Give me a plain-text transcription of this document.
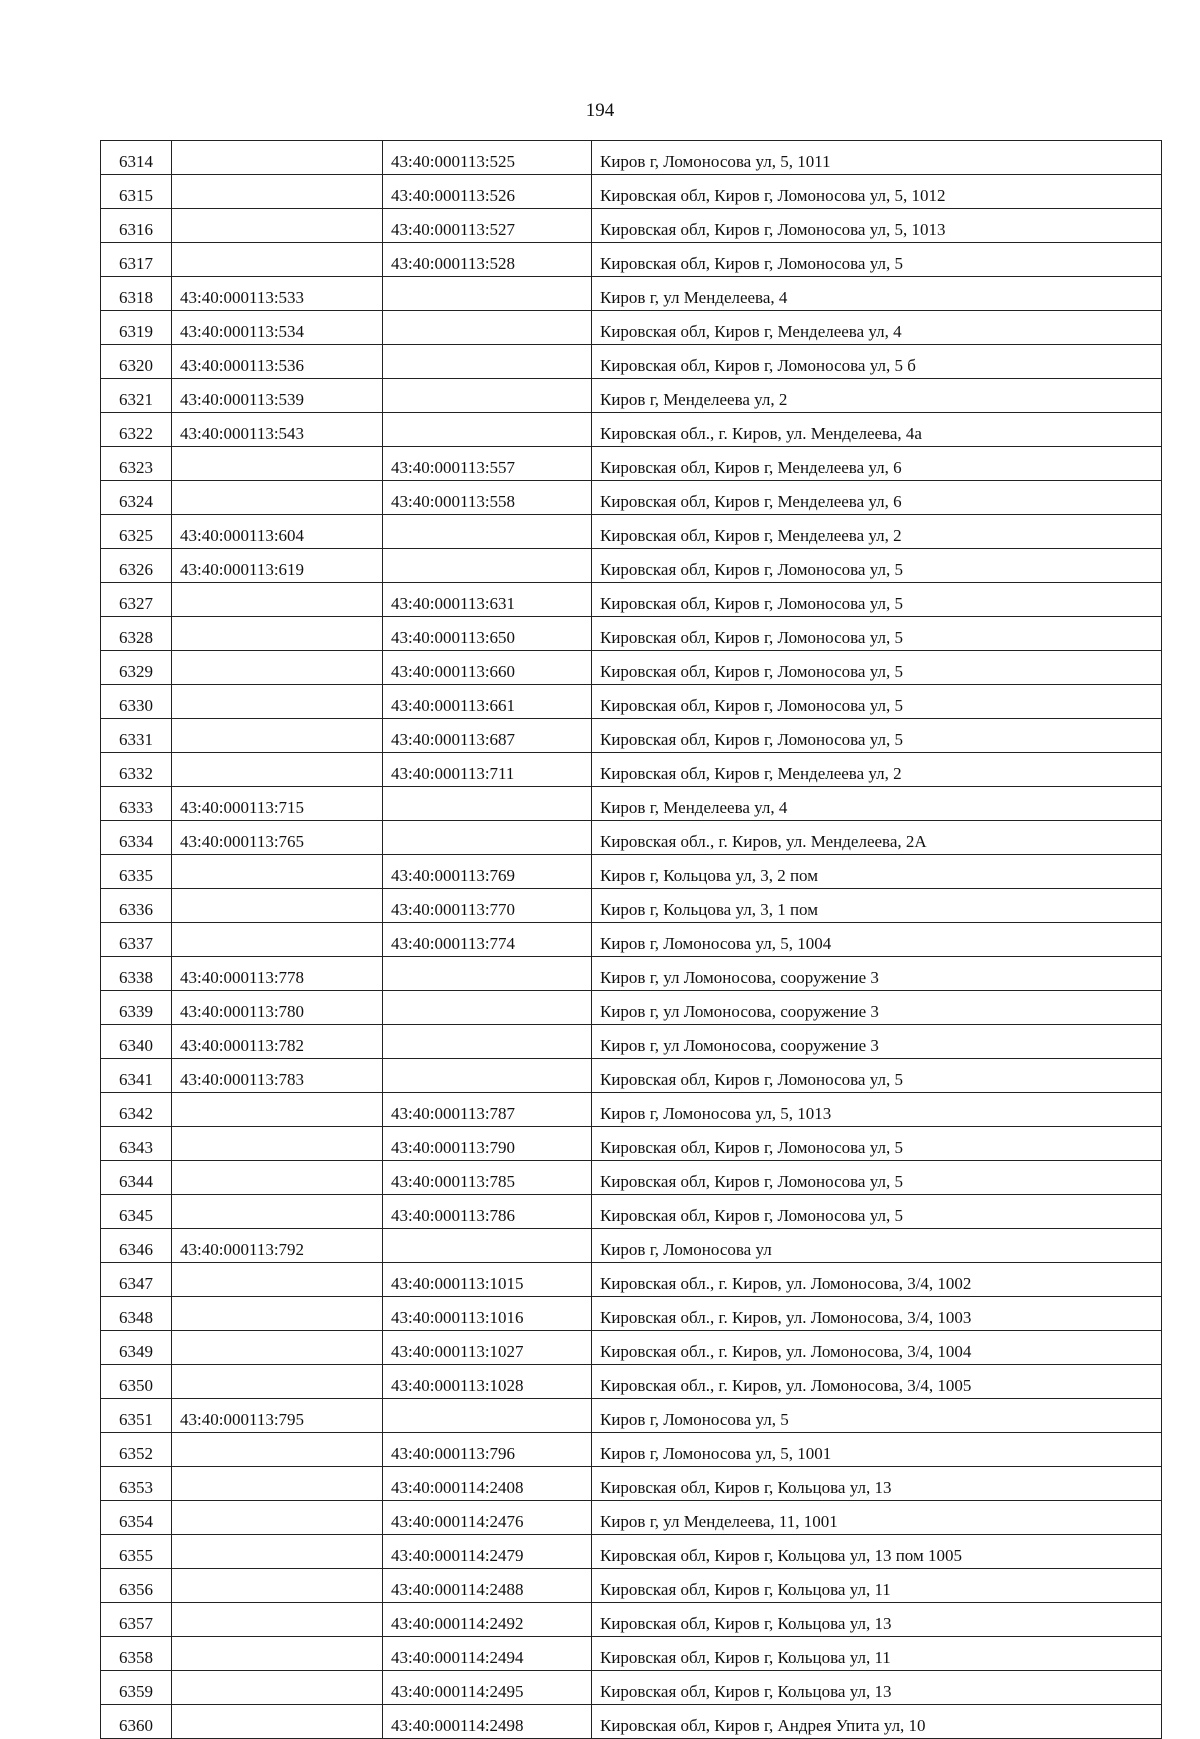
194
6314		43:40:000113:525	Киров г, Ломоносова ул, 5, 1011
6315		43:40:000113:526	Кировская обл, Киров г, Ломоносова ул, 5, 1012
6316		43:40:000113:527	Кировская обл, Киров г, Ломоносова ул, 5, 1013
6317		43:40:000113:528	Кировская обл, Киров г, Ломоносова ул, 5
6318	43:40:000113:533		Киров г, ул Менделеева, 4
6319	43:40:000113:534		Кировская обл, Киров г, Менделеева ул, 4
6320	43:40:000113:536		Кировская обл, Киров г, Ломоносова ул, 5 б
6321	43:40:000113:539		Киров г, Менделеева ул, 2
6322	43:40:000113:543		Кировская обл., г. Киров, ул. Менделеева, 4а
6323		43:40:000113:557	Кировская обл, Киров г, Менделеева ул, 6
6324		43:40:000113:558	Кировская обл, Киров г, Менделеева ул, 6
6325	43:40:000113:604		Кировская обл, Киров г, Менделеева ул, 2
6326	43:40:000113:619		Кировская обл, Киров г, Ломоносова ул, 5
6327		43:40:000113:631	Кировская обл, Киров г, Ломоносова ул, 5
6328		43:40:000113:650	Кировская обл, Киров г, Ломоносова ул, 5
6329		43:40:000113:660	Кировская обл, Киров г, Ломоносова ул, 5
6330		43:40:000113:661	Кировская обл, Киров г, Ломоносова ул, 5
6331		43:40:000113:687	Кировская обл, Киров г, Ломоносова ул, 5
6332		43:40:000113:711	Кировская обл, Киров г, Менделеева ул, 2
6333	43:40:000113:715		Киров г, Менделеева ул, 4
6334	43:40:000113:765		Кировская обл., г. Киров, ул. Менделеева, 2А
6335		43:40:000113:769	Киров г, Кольцова ул, 3, 2 пом
6336		43:40:000113:770	Киров г, Кольцова ул, 3, 1 пом
6337		43:40:000113:774	Киров г, Ломоносова ул, 5, 1004
6338	43:40:000113:778		Киров г, ул Ломоносова, сооружение 3
6339	43:40:000113:780		Киров г, ул Ломоносова, сооружение 3
6340	43:40:000113:782		Киров г, ул Ломоносова, сооружение 3
6341	43:40:000113:783		Кировская обл, Киров г, Ломоносова ул, 5
6342		43:40:000113:787	Киров г, Ломоносова ул, 5, 1013
6343		43:40:000113:790	Кировская обл, Киров г, Ломоносова ул, 5
6344		43:40:000113:785	Кировская обл, Киров г, Ломоносова ул, 5
6345		43:40:000113:786	Кировская обл, Киров г, Ломоносова ул, 5
6346	43:40:000113:792		Киров г, Ломоносова ул
6347		43:40:000113:1015	Кировская обл., г. Киров, ул. Ломоносова, 3/4, 1002
6348		43:40:000113:1016	Кировская обл., г. Киров, ул. Ломоносова, 3/4, 1003
6349		43:40:000113:1027	Кировская обл., г. Киров, ул. Ломоносова, 3/4, 1004
6350		43:40:000113:1028	Кировская обл., г. Киров, ул. Ломоносова, 3/4, 1005
6351	43:40:000113:795		Киров г, Ломоносова ул, 5
6352		43:40:000113:796	Киров г, Ломоносова ул, 5, 1001
6353		43:40:000114:2408	Кировская обл, Киров г, Кольцова ул, 13
6354		43:40:000114:2476	Киров г, ул Менделеева, 11, 1001
6355		43:40:000114:2479	Кировская обл, Киров г, Кольцова ул, 13 пом 1005
6356		43:40:000114:2488	Кировская обл, Киров г, Кольцова ул, 11
6357		43:40:000114:2492	Кировская обл, Киров г, Кольцова ул, 13
6358		43:40:000114:2494	Кировская обл, Киров г, Кольцова ул, 11
6359		43:40:000114:2495	Кировская обл, Киров г, Кольцова ул, 13
6360		43:40:000114:2498	Кировская обл, Киров г, Андрея Упита ул, 10
